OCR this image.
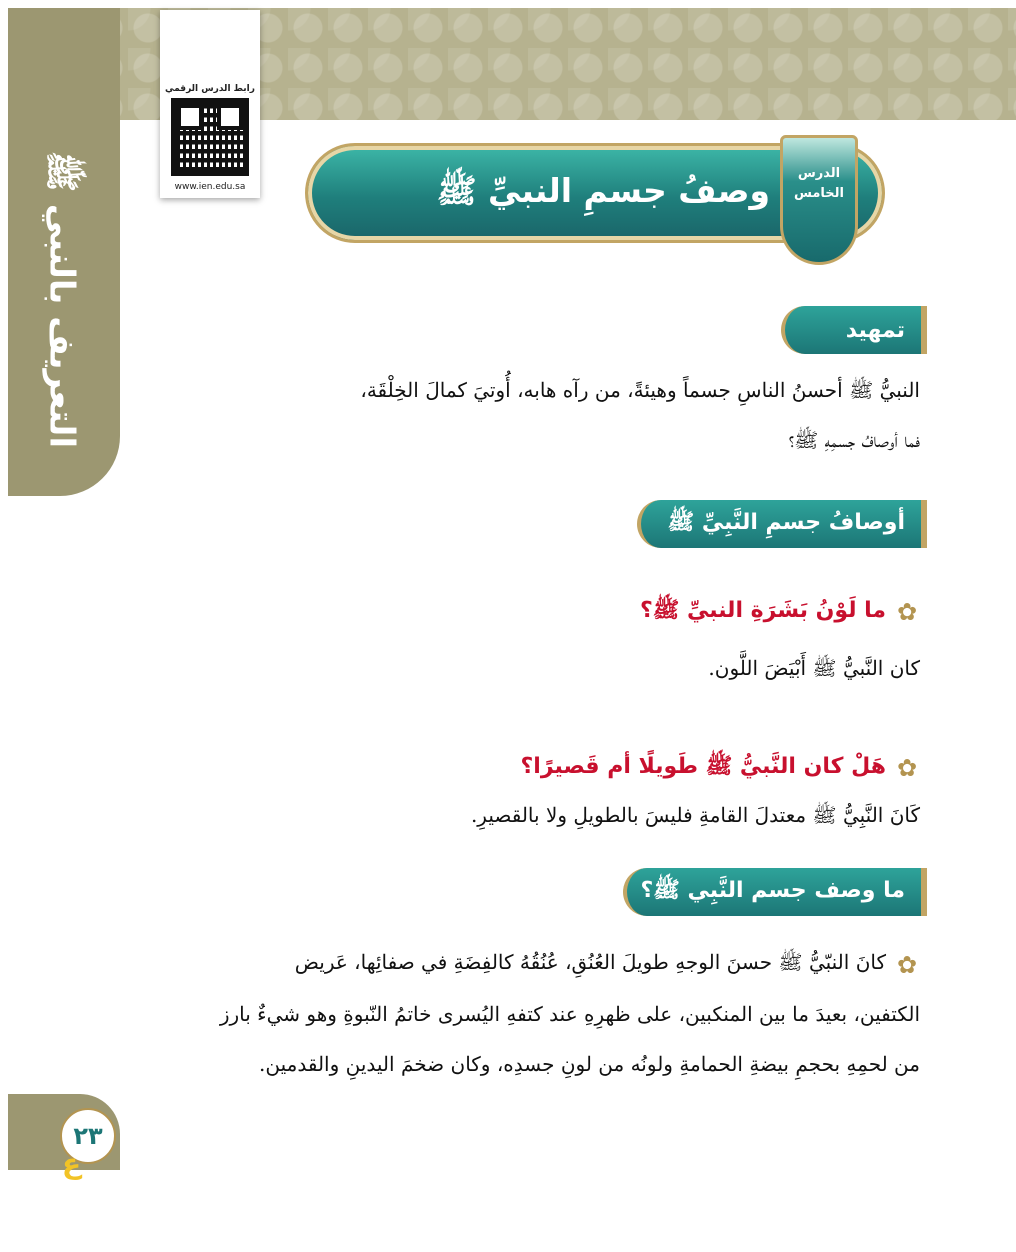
التعريف بالنبي ﷺ
رابط الدرس الرقمي
www.ien.edu.sa	وصفُ جسمِ النبيِّ ﷺ الدرس
الخامس
تمهيد
النبيُّ ﷺ أحسنُ الناسِ جسماً وهيئةً، من رآه هابه، أُوتيَ كمالَ الخِلْقَة،
فما أوصافُ جسمِهِ ﷺ؟
أوصافُ جسمِ النَّبِيِّ ﷺ
✿
ما لَوْنُ بَشَرَةِ النبيِّ ﷺ؟
كان النَّبيُّ ﷺ أَبْيَضَ اللَّون.
✿
هَلْ كان النَّبيُّ ﷺ طَويلًا أم قَصيرًا؟
كَانَ النَّبِيُّ ﷺ معتدلَ القامةِ فليسَ بالطويلِ ولا بالقصيرِ.
ما وصف جسم النَّبِي ﷺ؟
✿
كانَ النبّيُّ ﷺ حسنَ الوجهِ طويلَ العُنُقِ، عُنُقُهُ كالفِضَةِ في صفائِها، عَريض
الكتفين، بعيدَ ما بين المنكبين، على ظهرِهِ عند كتفهِ اليُسرى خاتمُ النّبوةِ وهو شيءٌ بارز
من لحمِهِ بحجمِ بيضةِ الحمامةِ ولونُه من لونِ جسدِه، وكان ضخمَ اليدينِ والقدمين.
٢٣
ع
